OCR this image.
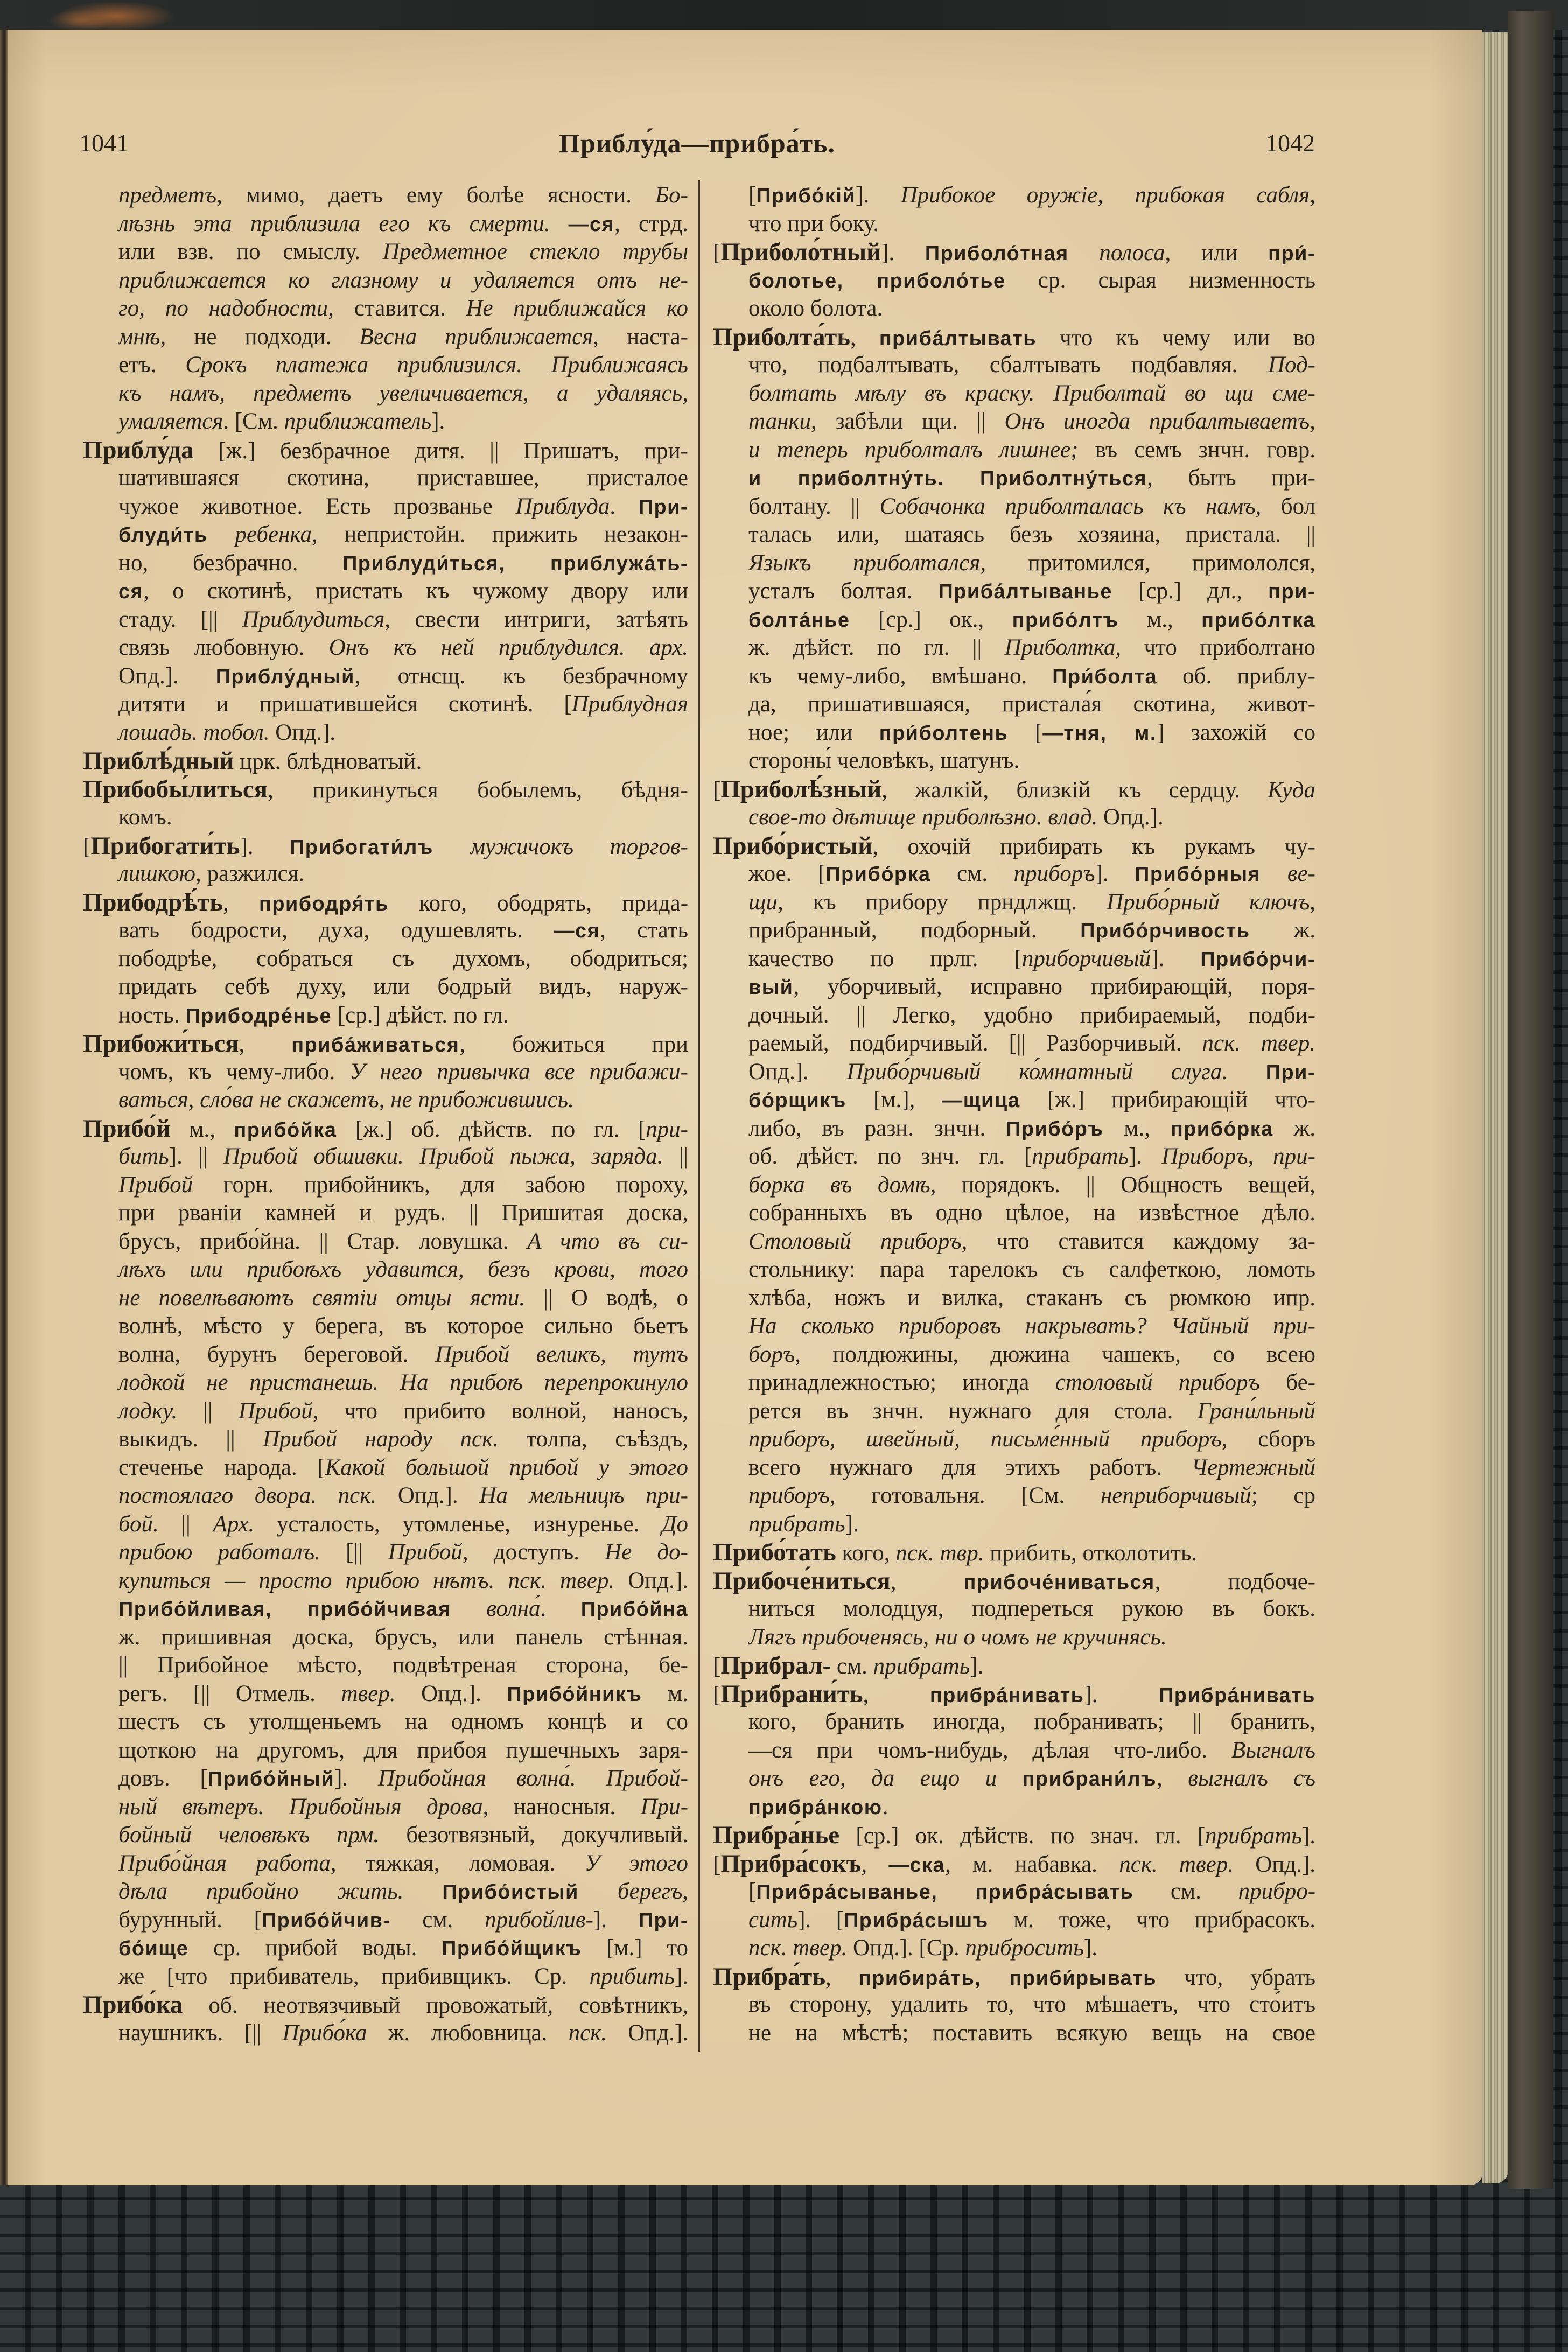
1041	Приблу́да—прибра́ть.	1042
предметъ, мимо, даетъ ему болѣе ясности. Бо-
лѣзнь эта приблизила его къ смерти. —ся, стрд.
или взв. по смыслу. Предметное стекло трубы
приближается ко глазному и удаляется отъ не-
го, по надобности, ставится. Не приближайся ко
мнѣ, не подходи. Весна приближается, наста-
етъ. Срокъ платежа приблизился. Приближаясь
къ намъ, предметъ увеличивается, а удаляясь,
умаляется. [См. приближатель].
Приблу́да [ж.] безбрачное дитя. || Пришатъ, при-
шатившаяся скотина, приставшее, присталое
чужое животное. Есть прозванье Приблуда. При-
блуди́ть ребенка, непристойн. прижить незакон-
но, безбрачно. Приблуди́ться, приблужа́ть-
ся, о скотинѣ, пристать къ чужому двору или
стаду. [|| Приблудиться, свести интриги, затѣять
связь любовную. Онъ къ ней приблудился. арх.
Опд.]. Приблу́дный, отнсщ. къ безбрачному
дитяти и пришатившейся скотинѣ. [Приблудная
лошадь. тобол. Опд.].
Приблѣ́дный црк. блѣдноватый.
Прибобы́литься, прикинуться бобылемъ, бѣдня-
комъ.
[Прибогати́ть]. Прибогати́лъ мужичокъ торгов-
лишкою, разжился.
Прибодрѣ́ть, прибодря́ть кого, ободрять, прида-
вать бодрости, духа, одушевлять. —ся, стать
пободрѣе, собраться съ духомъ, ободриться;
придать себѣ духу, или бодрый видъ, наруж-
ность. Прибодре́нье [ср.] дѣйст. по гл.
Прибожи́ться, приба́живаться, божиться при
чомъ, къ чему-либо. У него привычка все прибажи-
ваться, сло́ва не скажетъ, не прибожившись.
Прибо́й м., прибо́йка [ж.] об. дѣйств. по гл. [при-
бить]. || Прибой обшивки. Прибой пыжа, заряда. ||
Прибой горн. прибойникъ, для забою пороху,
при рванiи камней и рудъ. || Пришитая доска,
брусъ, прибо́йна. || Стар. ловушка. А что въ си-
лѣхъ или прибоѣхъ удавится, безъ крови, того
не повелѣваютъ святiи отцы ясти. || О водѣ, о
волнѣ, мѣсто у берега, въ которое сильно бьетъ
волна, бурунъ береговой. Прибой великъ, тутъ
лодкой не пристанешь. На прибоѣ перепрокинуло
лодку. || Прибой, что прибито волной, наносъ,
выкидъ. || Прибой народу пск. толпа, съѣздъ,
стеченье народа. [Какой большой прибой у этого
постоялаго двора. пск. Опд.]. На мельницѣ при-
бой. || Арх. усталость, утомленье, изнуренье. До
прибою работалъ. [|| Прибой, доступъ. Не до-
купиться — просто прибою нѣтъ. пск. твер. Опд.].
Прибо́йливая, прибо́йчивая волна́. Прибо́йна
ж. пришивная доска, брусъ, или панель стѣнная.
|| Прибойное мѣсто, подвѣтреная сторона, бе-
регъ. [|| Отмель. твер. Опд.]. Прибо́йникъ м.
шестъ съ утолщеньемъ на одномъ концѣ и со
щоткою на другомъ, для прибоя пушечныхъ заря-
довъ. [Прибо́йный]. Прибойная волна́. Прибой-
ный вѣтеръ. Прибойныя дрова, наносныя. При-
бойный человѣкъ прм. безотвязный, докучливый.
Прибо́йная работа, тяжкая, ломовая. У этого
дѣла прибойно жить. Прибо́истый берегъ,
бурунный. [Прибо́йчив- см. прибойлив-]. При-
бо́ище ср. прибой воды. Прибо́йщикъ [м.] то
же [что прибиватель, прибивщикъ. Ср. прибить].
Прибо́ка об. неотвязчивый провожатый, совѣтникъ,
наушникъ. [|| Прибо́ка ж. любовница. пск. Опд.].
[Прибо́кiй]. Прибокое оружiе, прибокая сабля,
что при боку.
[Приболо́тный]. Приболо́тная полоса, или при́-
болотье, приболо́тье ср. сырая низменность
около болота.
Приболта́ть, приба́лтывать что къ чему или во
что, подбалтывать, сбалтывать подбавляя. Под-
болтать мѣлу въ краску. Приболтай во щи сме-
танки, забѣли щи. || Онъ иногда прибалтываетъ,
и теперь приболталъ лишнее; въ семъ знчн. говр.
и приболтну́ть. Приболтну́ться, быть при-
болтану. || Собачонка приболталась къ намъ, бол
талась или, шатаясь безъ хозяина, пристала. ||
Языкъ приболтался, притомился, примололся,
усталъ болтая. Приба́лтыванье [ср.] дл., при-
болта́нье [ср.] ок., прибо́лтъ м., прибо́лтка
ж. дѣйст. по гл. || Приболтка, что приболтано
къ чему-либо, вмѣшано. При́болта об. приблу-
да, пришатившаяся, пристала́я скотина, живот-
ное; или при́болтень [—тня, м.] захожiй со
стороны́ человѣкъ, шатунъ.
[Приболѣ́зный, жалкiй, близкiй къ сердцу. Куда
свое-то дѣтище приболѣзно. влад. Опд.].
Прибо́ристый, охочiй прибирать къ рукамъ чу-
жое. [Прибо́рка см. приборъ]. Прибо́рныя ве-
щи, къ прибору прндлжщ. Прибо́рный ключъ,
прибранный, подборный. Прибо́рчивость ж.
качество по прлг. [приборчивый]. Прибо́рчи-
вый, уборчивый, исправно прибирающiй, поря-
дочный. || Легко, удобно прибираемый, подби-
раемый, подбирчивый. [|| Разборчивый. пск. твер.
Опд.]. Прибо́рчивый ко́мнатный слуга. При-
бо́рщикъ [м.], —щица [ж.] прибирающiй что-
либо, въ разн. знчн. Прибо́ръ м., прибо́рка ж.
об. дѣйст. по знч. гл. [прибрать]. Приборъ, при-
борка въ домѣ, порядокъ. || Общность вещей,
собранныхъ въ одно цѣлое, на извѣстное дѣло.
Столовый приборъ, что ставится каждому за-
стольнику: пара тарелокъ съ салфеткою, ломоть
хлѣба, ножъ и вилка, стаканъ съ рюмкою ипр.
На сколько приборовъ накрывать? Чайный при-
боръ, полдюжины, дюжина чашекъ, со всею
принадлежностью; иногда столовый приборъ бе-
рется въ знчн. нужнаго для стола. Грани́льный
приборъ, швейный, письме́нный приборъ, сборъ
всего нужнаго для этихъ работъ. Чертежный
приборъ, готовальня. [См. неприборчивый; ср
прибрать].
Прибо́тать кого, пск. твр. прибить, отколотить.
Прибоче́ниться, прибоче́ниваться, подбоче-
ниться молодцуя, подпереться рукою въ бокъ.
Лягъ прибоченясь, ни о чомъ не кручинясь.
[Прибрал- см. прибрать].
[Прибрани́ть, прибра́нивать]. Прибра́нивать
кого, бранить иногда, побранивать; || бранить,
—ся при чомъ-нибудь, дѣлая что-либо. Выгналъ
онъ его, да ещо и прибрани́лъ, выгналъ съ
прибра́нкою.
Прибра́нье [ср.] ок. дѣйств. по знач. гл. [прибрать].
[Прибра́сокъ, —ска, м. набавка. пск. твер. Опд.].
[Прибра́сыванье, прибра́сывать см. прибро-
сить]. [Прибра́сышъ м. тоже, что прибрасокъ.
пск. твер. Опд.]. [Ср. прибросить].
Прибра́ть, прибира́ть, приби́рывать что, убрать
въ сторону, удалить то, что мѣшаетъ, что сто́итъ
не на мѣстѣ; поставить всякую вещь на свое
